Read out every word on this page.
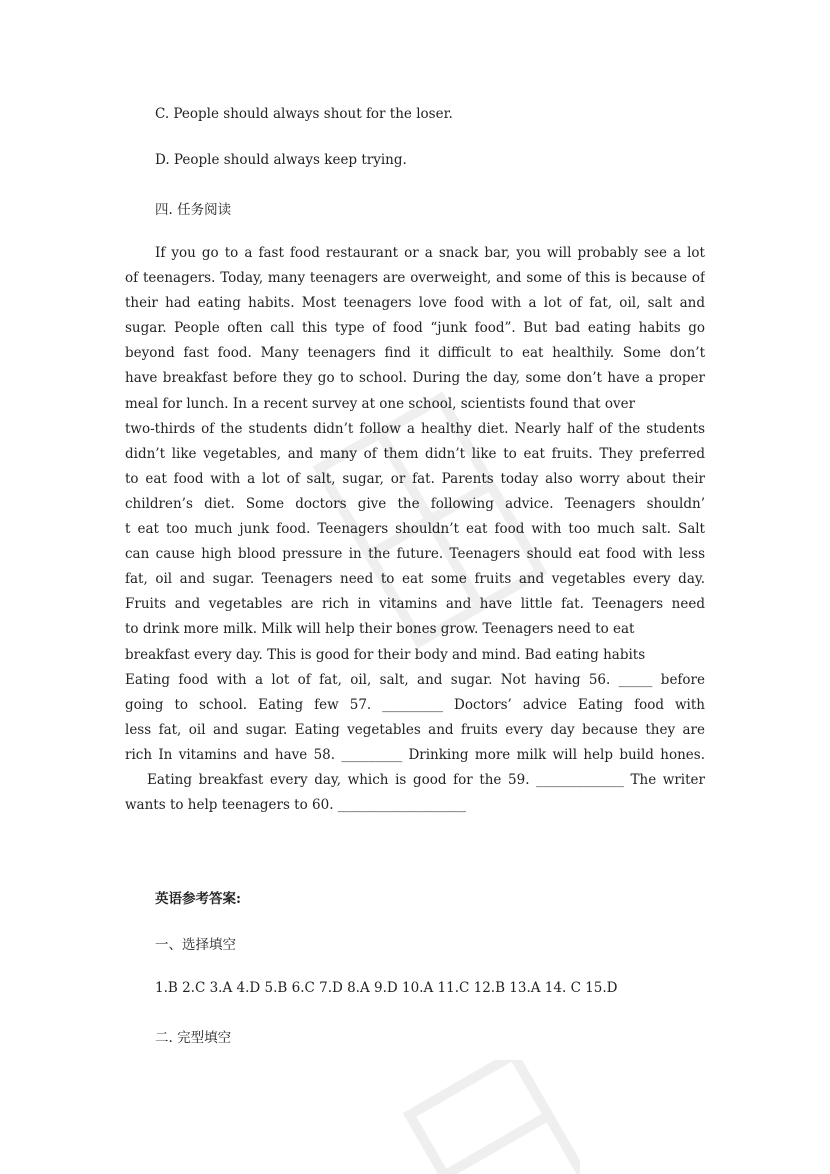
C. People should always shout for the loser.
D. People should always keep trying.
四. 任务阅读
If you go to a fast food restaurant or a snack bar, you will probably see a lot
of teenagers. Today, many teenagers are overweight, and some of this is because of
their had eating habits. Most teenagers love food with a lot of fat, oil, salt and
sugar. People often call this type of food “junk food”. But bad eating habits go
beyond fast food. Many teenagers find it difficult to eat healthily. Some don’t
have breakfast before they go to school. During the day, some don’t have a proper
meal for lunch. In a recent survey at one school, scientists found that over
two-thirds of the students didn’t follow a healthy diet. Nearly half of the students
didn’t like vegetables, and many of them didn’t like to eat fruits. They preferred
to eat food with a lot of salt, sugar, or fat. Parents today also worry about their
children’s diet. Some doctors give the following advice. Teenagers shouldn’
t eat too much junk food. Teenagers shouldn’t eat food with too much salt. Salt
can cause high blood pressure in the future. Teenagers should eat food with less
fat, oil and sugar. Teenagers need to eat some fruits and vegetables every day.
Fruits and vegetables are rich in vitamins and have little fat. Teenagers need
to drink more milk. Milk will help their bones grow. Teenagers need to eat
breakfast every day. This is good for their body and mind. Bad eating habits
Eating food with a lot of fat, oil, salt, and sugar. Not having 56. _____ before
going to school. Eating few 57. _________ Doctors’ advice Eating food with
less fat, oil and sugar. Eating vegetables and fruits every day because they are
rich In vitamins and have 58. _________ Drinking more milk will help build hones.
Eating breakfast every day, which is good for the 59. _____________ The writer
wants to help teenagers to 60. ___________________
英语参考答案:
一、选择填空
1.B 2.C 3.A 4.D 5.B 6.C 7.D 8.A 9.D 10.A 11.C 12.B 13.A 14. C 15.D
二. 完型填空
